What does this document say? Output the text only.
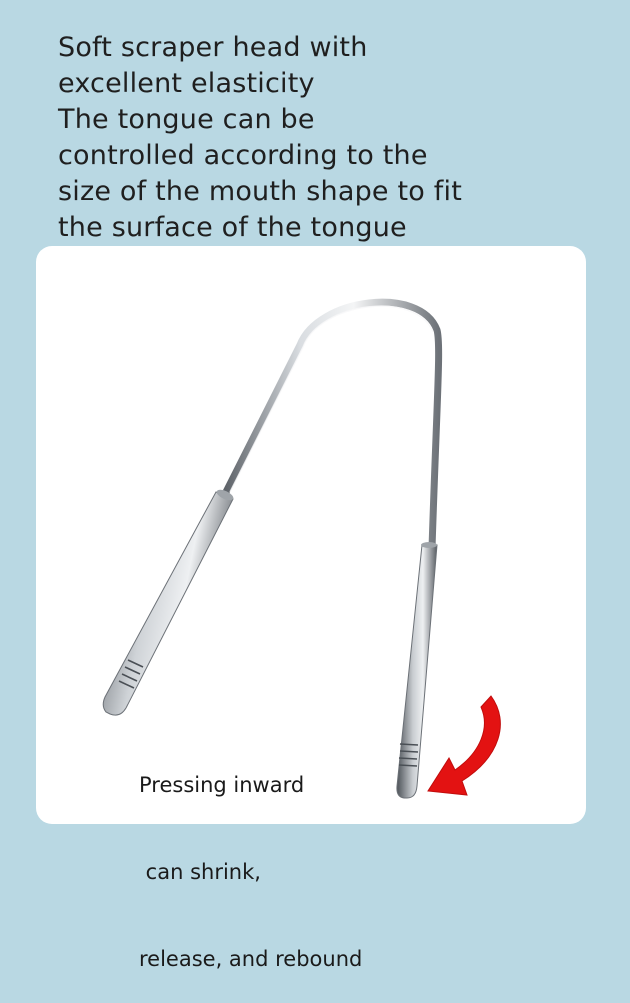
Soft scraper head with
excellent elasticity
The tongue can be
controlled according to the
size of the mouth shape to fit
the surface of the tongue

Pressing inward

can shrink,

release, and rebound
